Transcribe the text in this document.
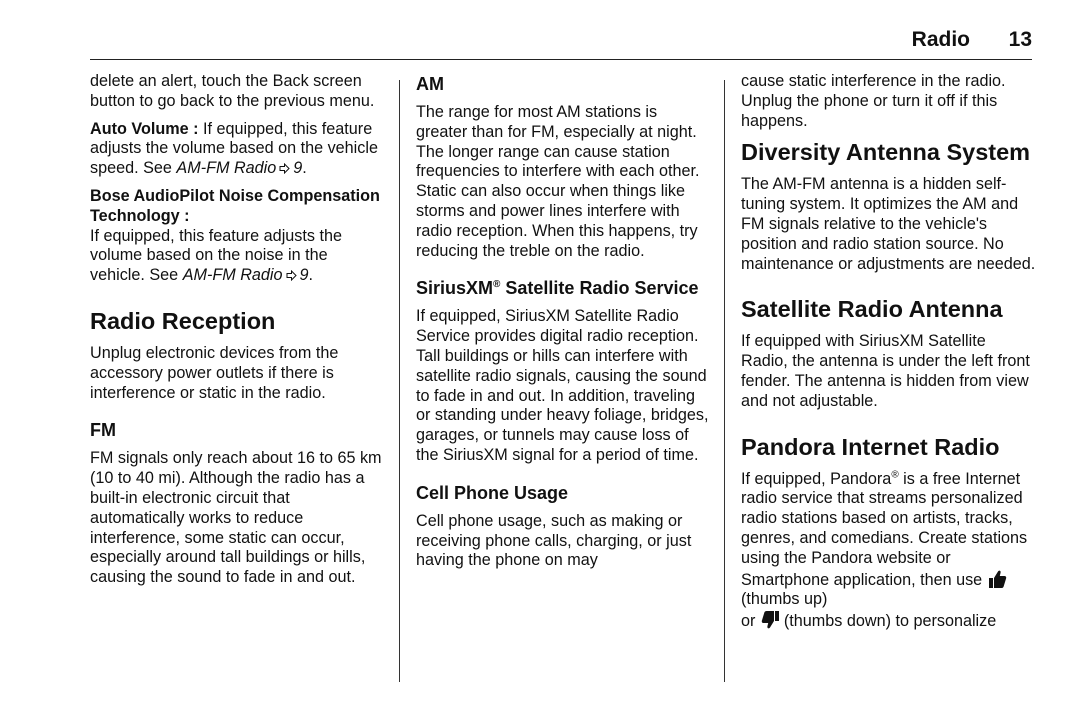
Radio 13

delete an alert, touch the Back screen button to go back to the previous menu.

Auto Volume : If equipped, this feature adjusts the volume based on the vehicle speed. See AM-FM Radio 9.

Bose AudioPilot Noise Compensation Technology :
If equipped, this feature adjusts the volume based on the noise in the vehicle. See AM-FM Radio 9.

Radio Reception

Unplug electronic devices from the accessory power outlets if there is interference or static in the radio.

FM

FM signals only reach about 16 to 65 km (10 to 40 mi). Although the radio has a built-in electronic circuit that automatically works to reduce interference, some static can occur, especially around tall buildings or hills, causing the sound to fade in and out.

AM

The range for most AM stations is greater than for FM, especially at night. The longer range can cause station frequencies to interfere with each other. Static can also occur when things like storms and power lines interfere with radio reception. When this happens, try reducing the treble on the radio.

SiriusXM® Satellite Radio Service

If equipped, SiriusXM Satellite Radio Service provides digital radio reception. Tall buildings or hills can interfere with satellite radio signals, causing the sound to fade in and out. In addition, traveling or standing under heavy foliage, bridges, garages, or tunnels may cause loss of the SiriusXM signal for a period of time.

Cell Phone Usage

Cell phone usage, such as making or receiving phone calls, charging, or just having the phone on may

cause static interference in the radio. Unplug the phone or turn it off if this happens.

Diversity Antenna System

The AM-FM antenna is a hidden self-tuning system. It optimizes the AM and FM signals relative to the vehicle's position and radio station source. No maintenance or adjustments are needed.

Satellite Radio Antenna

If equipped with SiriusXM Satellite Radio, the antenna is under the left front fender. The antenna is hidden from view and not adjustable.

Pandora Internet Radio

If equipped, Pandora® is a free Internet radio service that streams personalized radio stations based on artists, tracks, genres, and comedians. Create stations using the Pandora website or Smartphone application, then use (thumbs up)
or (thumbs down) to personalize
